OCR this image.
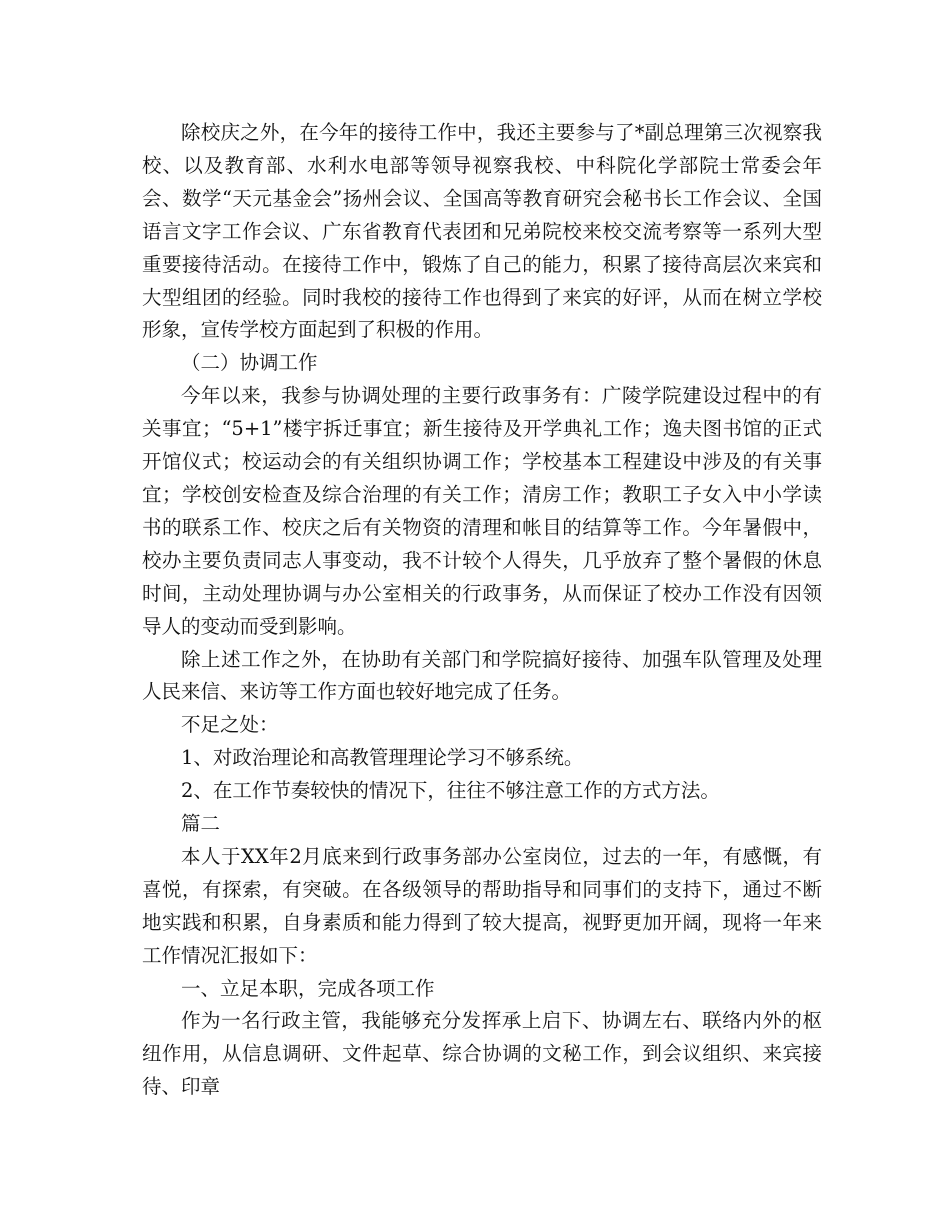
除校庆之外，在今年的接待工作中，我还主要参与了*副总理第三次视察我校、以及教育部、水利水电部等领导视察我校、中科院化学部院士常委会年会、数学“天元基金会”扬州会议、全国高等教育研究会秘书长工作会议、全国语言文字工作会议、广东省教育代表团和兄弟院校来校交流考察等一系列大型重要接待活动。在接待工作中，锻炼了自己的能力，积累了接待高层次来宾和大型组团的经验。同时我校的接待工作也得到了来宾的好评，从而在树立学校形象，宣传学校方面起到了积极的作用。

（二）协调工作

今年以来，我参与协调处理的主要行政事务有：广陵学院建设过程中的有关事宜；“5+1”楼宇拆迁事宜；新生接待及开学典礼工作；逸夫图书馆的正式开馆仪式；校运动会的有关组织协调工作；学校基本工程建设中涉及的有关事宜；学校创安检查及综合治理的有关工作；清房工作；教职工子女入中小学读书的联系工作、校庆之后有关物资的清理和帐目的结算等工作。今年暑假中，校办主要负责同志人事变动，我不计较个人得失，几乎放弃了整个暑假的休息时间，主动处理协调与办公室相关的行政事务，从而保证了校办工作没有因领导人的变动而受到影响。

除上述工作之外，在协助有关部门和学院搞好接待、加强车队管理及处理人民来信、来访等工作方面也较好地完成了任务。

不足之处：

1、对政治理论和高教管理理论学习不够系统。

2、在工作节奏较快的情况下，往往不够注意工作的方式方法。

篇二

本人于XX年2月底来到行政事务部办公室岗位，过去的一年，有感慨，有喜悦，有探索，有突破。在各级领导的帮助指导和同事们的支持下，通过不断地实践和积累，自身素质和能力得到了较大提高，视野更加开阔，现将一年来工作情况汇报如下：

一、立足本职，完成各项工作

作为一名行政主管，我能够充分发挥承上启下、协调左右、联络内外的枢纽作用，从信息调研、文件起草、综合协调的文秘工作，到会议组织、来宾接待、印章
